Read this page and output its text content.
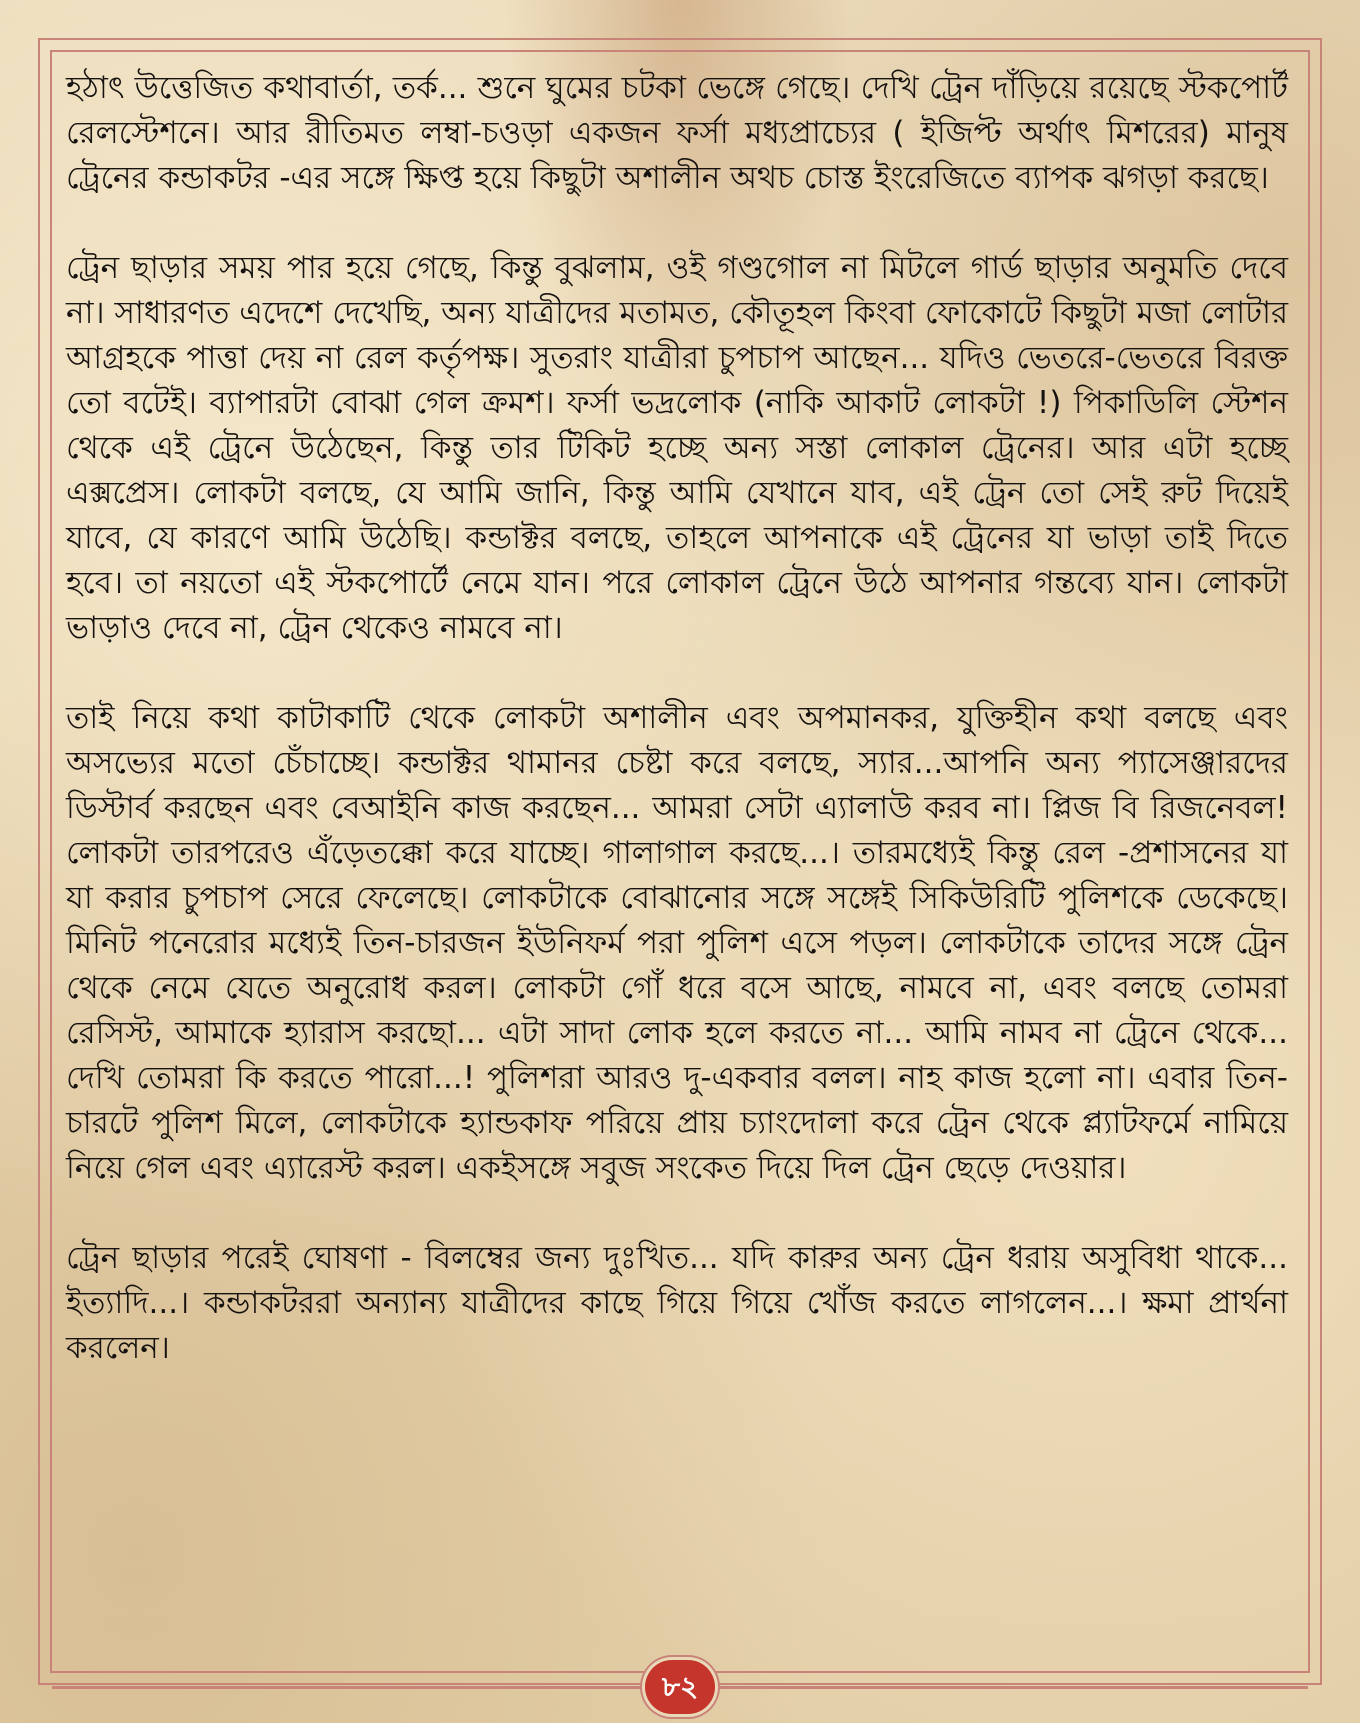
হঠাৎ উত্তেজিত কথাবার্তা, তর্ক... শুনে ঘুমের চটকা ভেঙ্গে গেছে। দেখি ট্রেন দাঁড়িয়ে রয়েছে স্টকপোর্ট রেলস্টেশনে। আর রীতিমত লম্বা-চওড়া একজন ফর্সা মধ্যপ্রাচ্যের ( ইজিপ্ট অর্থাৎ মিশরের) মানুষ ট্রেনের কন্ডাকটর -এর সঙ্গে ক্ষিপ্ত হয়ে কিছুটা অশালীন অথচ চোস্ত ইংরেজিতে ব্যাপক ঝগড়া করছে।

ট্রেন ছাড়ার সময় পার হয়ে গেছে, কিন্তু বুঝলাম, ওই গণ্ডগোল না মিটলে গার্ড ছাড়ার অনুমতি দেবে না। সাধারণত এদেশে দেখেছি, অন্য যাত্রীদের মতামত, কৌতূহল কিংবা ফোকোটে কিছুটা মজা লোটার আগ্রহকে পাত্তা দেয় না রেল কর্তৃপক্ষ। সুতরাং যাত্রীরা চুপচাপ আছেন... যদিও ভেতরে-ভেতরে বিরক্ত তো বটেই। ব্যাপারটা বোঝা গেল ক্রমশ। ফর্সা ভদ্রলোক (নাকি আকাট লোকটা !) পিকাডিলি স্টেশন থেকে এই ট্রেনে উঠেছেন, কিন্তু তার টিকিট হচ্ছে অন্য সস্তা লোকাল ট্রেনের। আর এটা হচ্ছে এক্সপ্রেস। লোকটা বলছে, যে আমি জানি, কিন্তু আমি যেখানে যাব, এই ট্রেন তো সেই রুট দিয়েই যাবে, যে কারণে আমি উঠেছি। কন্ডাক্টর বলছে, তাহলে আপনাকে এই ট্রেনের যা ভাড়া তাই দিতে হবে। তা নয়তো এই স্টকপোর্টে নেমে যান। পরে লোকাল ট্রেনে উঠে আপনার গন্তব্যে যান। লোকটা ভাড়াও দেবে না, ট্রেন থেকেও নামবে না।

তাই নিয়ে কথা কাটাকাটি থেকে লোকটা অশালীন এবং অপমানকর, যুক্তিহীন কথা বলছে এবং অসভ্যের মতো চেঁচাচ্ছে। কন্ডাক্টর থামানর চেষ্টা করে বলছে, স্যার...আপনি অন্য প্যাসেঞ্জারদের ডিস্টার্ব করছেন এবং বেআইনি কাজ করছেন... আমরা সেটা এ্যালাউ করব না। প্লিজ বি রিজনেবল! লোকটা তারপরেও এঁড়েতক্কো করে যাচ্ছে। গালাগাল করছে...। তারমধ্যেই কিন্তু রেল -প্রশাসনের যা যা করার চুপচাপ সেরে ফেলেছে। লোকটাকে বোঝানোর সঙ্গে সঙ্গেই সিকিউরিটি পুলিশকে ডেকেছে। মিনিট পনেরোর মধ্যেই তিন-চারজন ইউনিফর্ম পরা পুলিশ এসে পড়ল। লোকটাকে তাদের সঙ্গে ট্রেন থেকে নেমে যেতে অনুরোধ করল। লোকটা গোঁ ধরে বসে আছে, নামবে না, এবং বলছে তোমরা রেসিস্ট, আমাকে হ্যারাস করছো... এটা সাদা লোক হলে করতে না... আমি নামব না ট্রেনে থেকে... দেখি তোমরা কি করতে পারো...! পুলিশরা আরও দু-একবার বলল। নাহ কাজ হলো না। এবার তিন-চারটে পুলিশ মিলে, লোকটাকে হ্যান্ডকাফ পরিয়ে প্রায় চ্যাংদোলা করে ট্রেন থেকে প্ল্যাটফর্মে নামিয়ে নিয়ে গেল এবং এ্যারেস্ট করল। একইসঙ্গে সবুজ সংকেত দিয়ে দিল ট্রেন ছেড়ে দেওয়ার।

ট্রেন ছাড়ার পরেই ঘোষণা - বিলম্বের জন্য দুঃখিত... যদি কারুর অন্য ট্রেন ধরায় অসুবিধা থাকে... ইত্যাদি...। কন্ডাকটররা অন্যান্য যাত্রীদের কাছে গিয়ে গিয়ে খোঁজ করতে লাগলেন...। ক্ষমা প্রার্থনা করলেন।

৮২
